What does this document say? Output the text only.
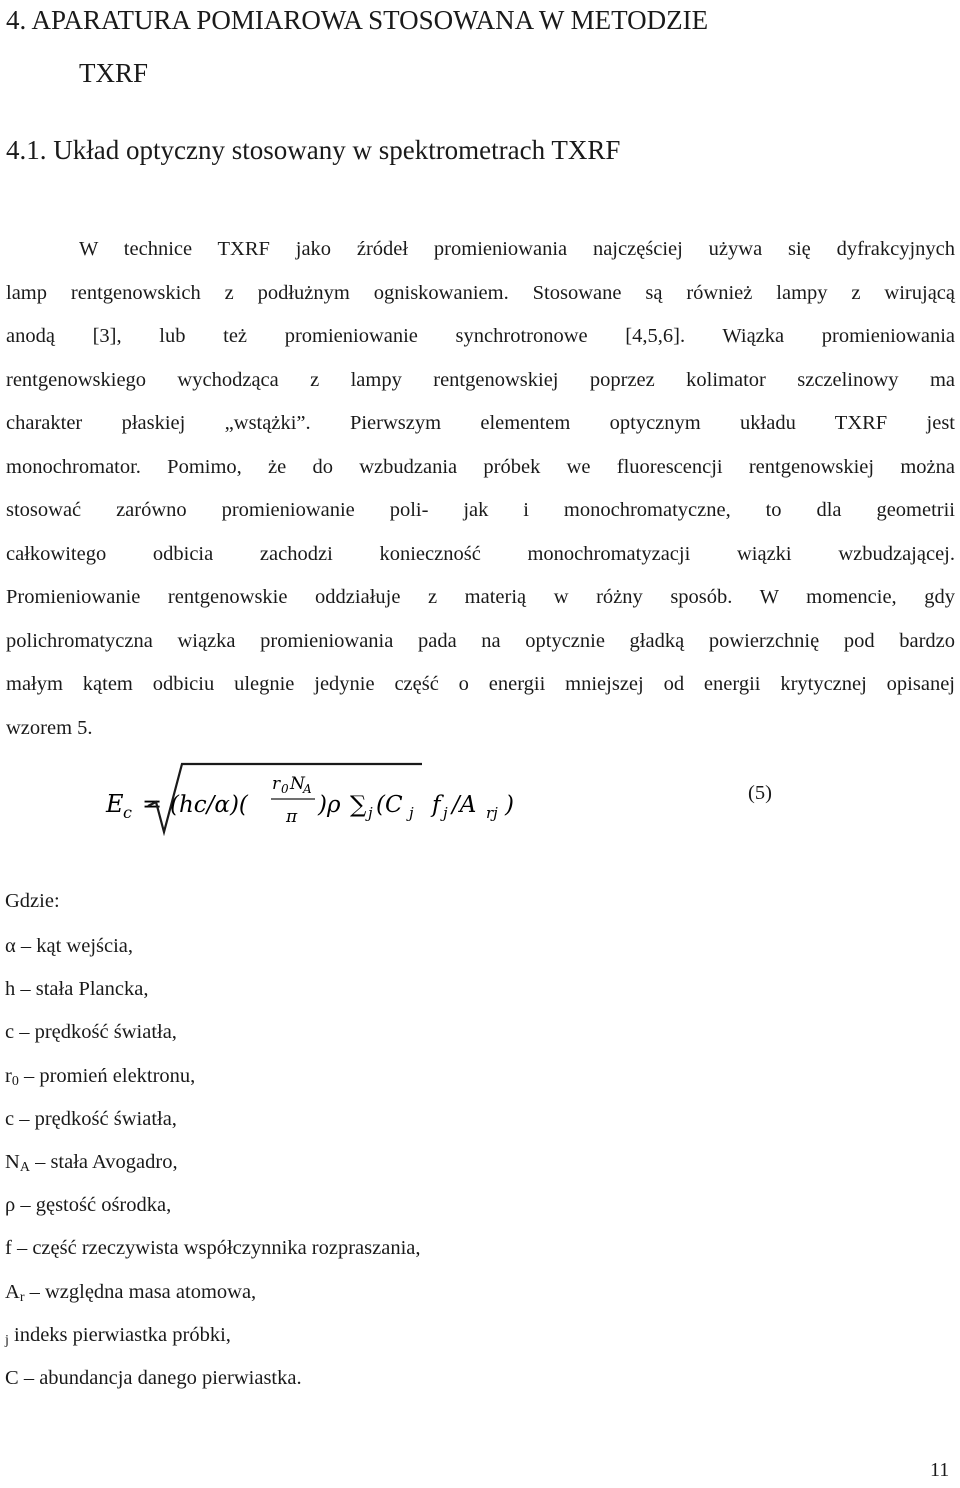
4. APARATURA POMIAROWA STOSOWANA W METODZIE
TXRF
4.1. Układ optyczny stosowany w spektrometrach TXRF
W technice TXRF jako źródeł promieniowania najczęściej używa się dyfrakcyjnych
lamp rentgenowskich z podłużnym ogniskowaniem. Stosowane są również lampy z wirującą
anodą [3], lub też promieniowanie synchrotronowe [4,5,6]. Wiązka promieniowania
rentgenowskiego wychodząca z lampy rentgenowskiej poprzez kolimator szczelinowy ma
charakter płaskiej „wstążki”. Pierwszym elementem optycznym układu TXRF jest
monochromator. Pomimo, że do wzbudzania próbek we fluorescencji rentgenowskiej można
stosować zarówno promieniowanie poli- jak i monochromatyczne, to dla geometrii
całkowitego odbicia zachodzi konieczność monochromatyzacji wiązki wzbudzającej.
Promieniowanie rentgenowskie oddziałuje z materią w różny sposób. W momencie, gdy
polichromatyczna wiązka promieniowania pada na optycznie gładką powierzchnię pod bardzo
małym kątem odbiciu ulegnie jedynie część o energii mniejszej od energii krytycznej opisanej
wzorem 5.
E c = (hc/α)(
r 0 N
A
π )ρ ∑ j (C j f j /A rj )	(5)
Gdzie:
α – kąt wejścia,
h – stała Plancka,
c – prędkość światła,
$r_0$ – promień elektronu,
c – prędkość światła,
$N_A$ – stała Avogadro,
ρ – gęstość ośrodka,
f – część rzeczywista współczynnika rozpraszania,
$A_r$ – względna masa atomowa,
$_j$ indeks pierwiastka próbki,
C – abundancja danego pierwiastka.
11
